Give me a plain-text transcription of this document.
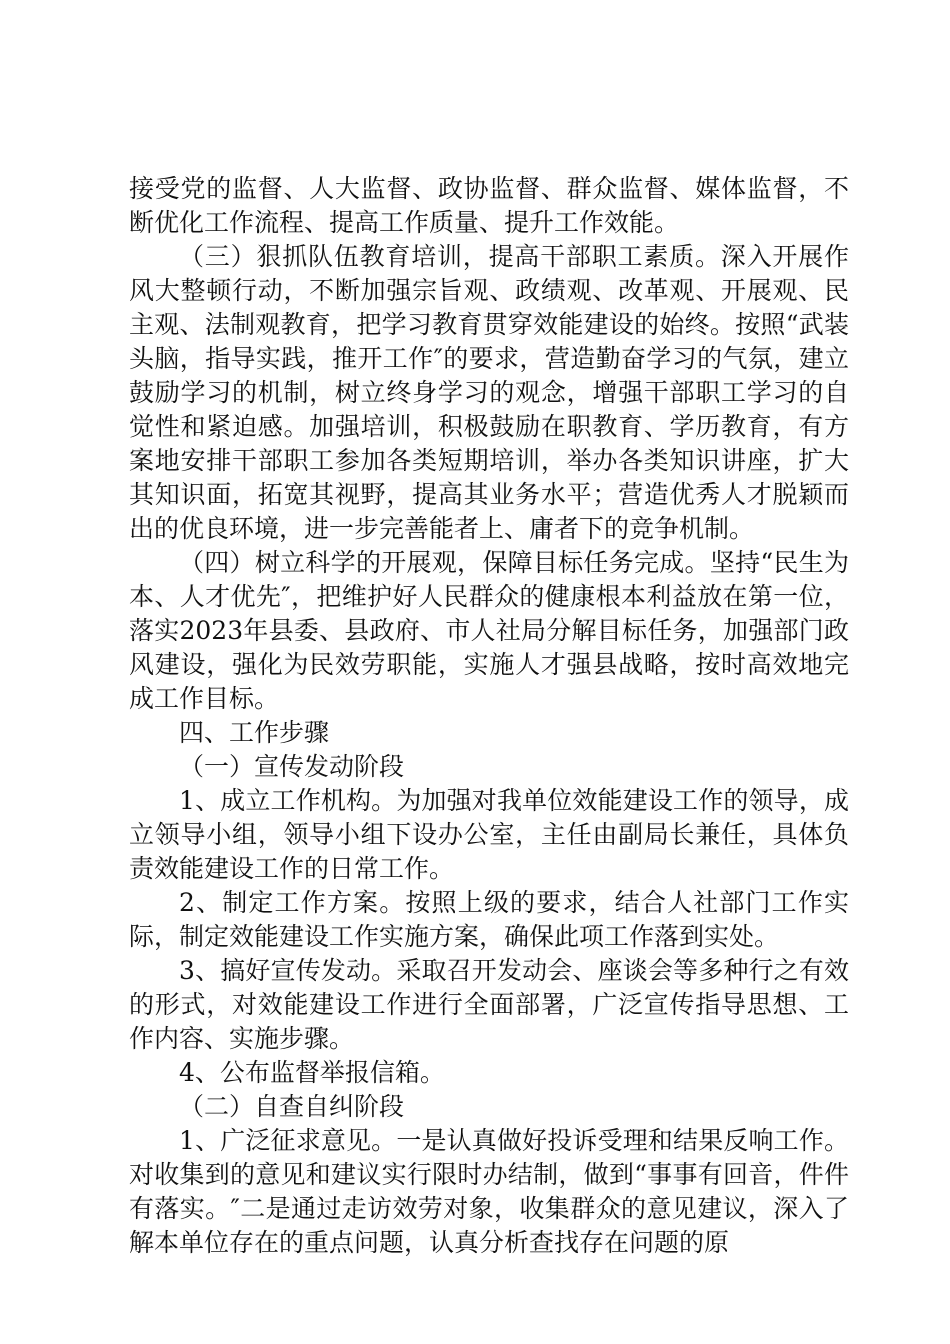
接受党的监督、人大监督、政协监督、群众监督、媒体监督，不断优化工作流程、提高工作质量、提升工作效能。

（三）狠抓队伍教育培训，提高干部职工素质。深入开展作风大整顿行动，不断加强宗旨观、政绩观、改革观、开展观、民主观、法制观教育，把学习教育贯穿效能建设的始终。按照“武装头脑，指导实践，推开工作″的要求，营造勤奋学习的气氛，建立鼓励学习的机制，树立终身学习的观念，增强干部职工学习的自觉性和紧迫感。加强培训，积极鼓励在职教育、学历教育，有方案地安排干部职工参加各类短期培训，举办各类知识讲座，扩大其知识面，拓宽其视野，提高其业务水平；营造优秀人才脱颖而出的优良环境，进一步完善能者上、庸者下的竞争机制。

（四）树立科学的开展观，保障目标任务完成。坚持“民生为本、人才优先″，把维护好人民群众的健康根本利益放在第一位，落实2023年县委、县政府、市人社局分解目标任务，加强部门政风建设，强化为民效劳职能，实施人才强县战略，按时高效地完成工作目标。

四、工作步骤

（一）宣传发动阶段

1、成立工作机构。为加强对我单位效能建设工作的领导，成立领导小组，领导小组下设办公室，主任由副局长兼任，具体负责效能建设工作的日常工作。

2、制定工作方案。按照上级的要求，结合人社部门工作实际，制定效能建设工作实施方案，确保此项工作落到实处。

3、搞好宣传发动。采取召开发动会、座谈会等多种行之有效的形式，对效能建设工作进行全面部署，广泛宣传指导思想、工作内容、实施步骤。

4、公布监督举报信箱。

（二）自查自纠阶段

1、广泛征求意见。一是认真做好投诉受理和结果反响工作。对收集到的意见和建议实行限时办结制，做到“事事有回音，件件有落实。″二是通过走访效劳对象，收集群众的意见建议，深入了解本单位存在的重点问题，认真分析查找存在问题的原
